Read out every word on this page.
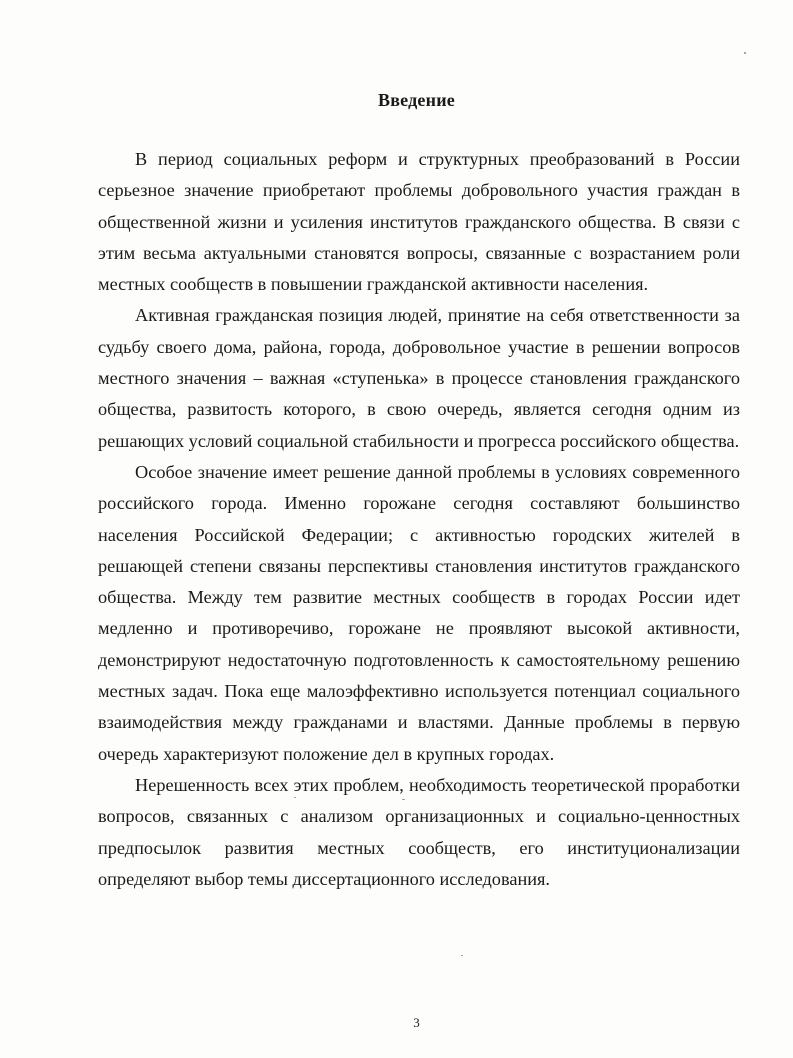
Введение

В период социальных реформ и структурных преобразований в России серьезное значение приобретают проблемы добровольного участия граждан в общественной жизни и усиления институтов гражданского общества. В связи с этим весьма актуальными становятся вопросы, связанные с возрастанием роли местных сообществ в повышении гражданской активности населения.

Активная гражданская позиция людей, принятие на себя ответственности за судьбу своего дома, района, города, добровольное участие в решении вопросов местного значения – важная «ступенька» в процессе становления гражданского общества, развитость которого, в свою очередь, является сегодня одним из решающих условий социальной стабильности и прогресса российского общества.

Особое значение имеет решение данной проблемы в условиях современного российского города. Именно горожане сегодня составляют большинство населения Российской Федерации; с активностью городских жителей в решающей степени связаны перспективы становления институтов гражданского общества. Между тем развитие местных сообществ в городах России идет медленно и противоречиво, горожане не проявляют высокой активности, демонстрируют недостаточную подготовленность к самостоятельному решению местных задач. Пока еще малоэффективно используется потенциал социального взаимодействия между гражданами и властями. Данные проблемы в первую очередь характеризуют положение дел в крупных городах.

Нерешенность всех этих проблем, необходимость теоретической проработки вопросов, связанных с анализом организационных и социально-ценностных предпосылок развития местных сообществ, его институционализации определяют выбор темы диссертационного исследования.

3
